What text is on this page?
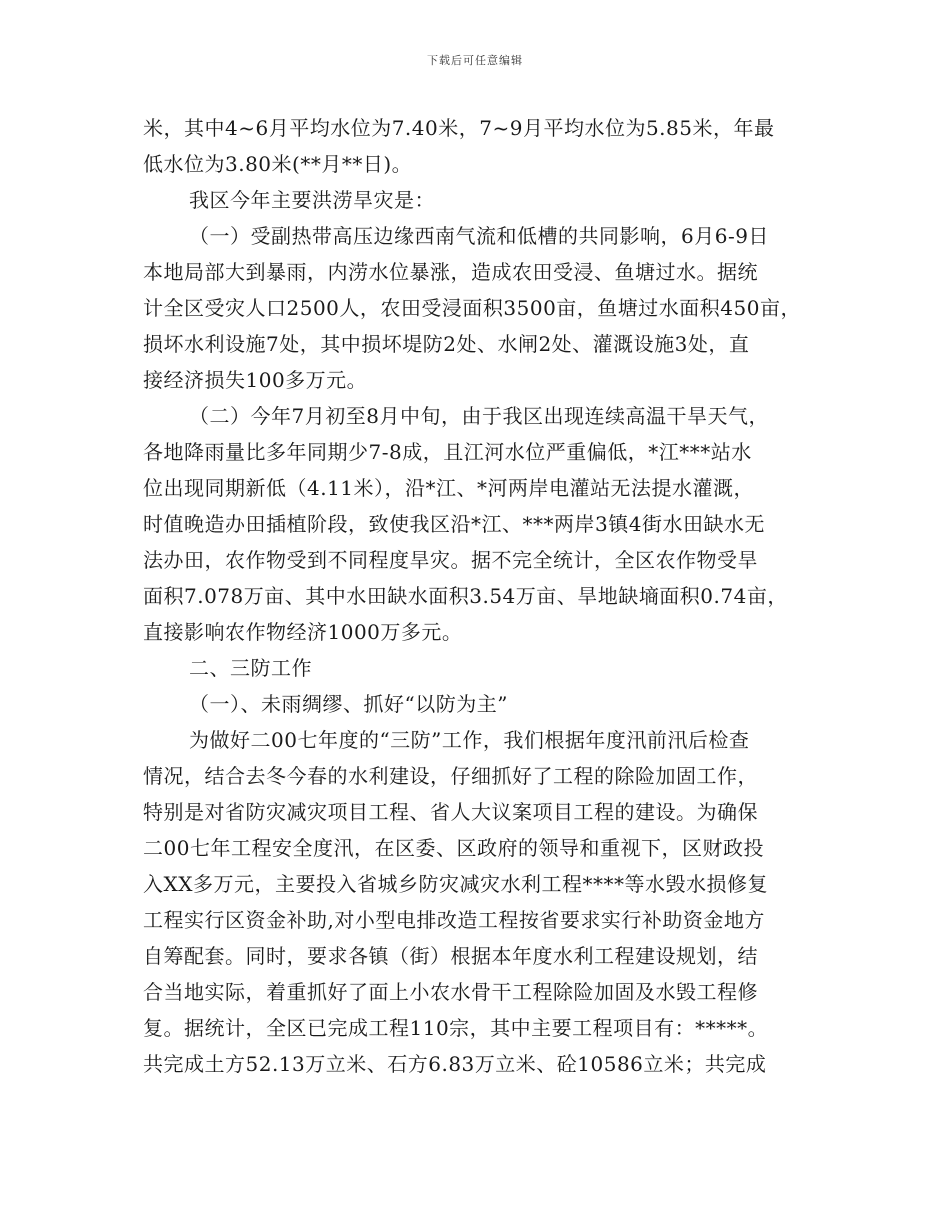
下载后可任意编辑
米，其中4~6月平均水位为7.40米，7~9月平均水位为5.85米，年最
低水位为3.80米(**月**日)。
我区今年主要洪涝旱灾是：
（一）受副热带高压边缘西南气流和低槽的共同影响，6月6-9日
本地局部大到暴雨，内涝水位暴涨，造成农田受浸、鱼塘过水。据统
计全区受灾人口2500人，农田受浸面积3500亩，鱼塘过水面积450亩，
损坏水利设施7处，其中损坏堤防2处、水闸2处、灌溉设施3处，直
接经济损失100多万元。
（二）今年7月初至8月中旬，由于我区出现连续高温干旱天气，
各地降雨量比多年同期少7-8成，且江河水位严重偏低，*江***站水
位出现同期新低（4.11米），沿*江、*河两岸电灌站无法提水灌溉，
时值晚造办田插植阶段，致使我区沿*江、***两岸3镇4街水田缺水无
法办田，农作物受到不同程度旱灾。据不完全统计，全区农作物受旱
面积7.078万亩、其中水田缺水面积3.54万亩、旱地缺墒面积0.74亩，
直接影响农作物经济1000万多元。
二、三防工作
（一）、未雨绸缪、抓好“以防为主”
为做好二00七年度的“三防”工作，我们根据年度汛前汛后检查
情况，结合去冬今春的水利建设，仔细抓好了工程的除险加固工作，
特别是对省防灾减灾项目工程、省人大议案项目工程的建设。为确保
二00七年工程安全度汛，在区委、区政府的领导和重视下，区财政投
入XX多万元，主要投入省城乡防灾减灾水利工程****等水毁水损修复
工程实行区资金补助,对小型电排改造工程按省要求实行补助资金地方
自筹配套。同时，要求各镇（街）根据本年度水利工程建设规划，结
合当地实际，着重抓好了面上小农水骨干工程除险加固及水毁工程修
复。据统计，全区已完成工程110宗，其中主要工程项目有：*****。
共完成土方52.13万立米、石方6.83万立米、砼10586立米；共完成
